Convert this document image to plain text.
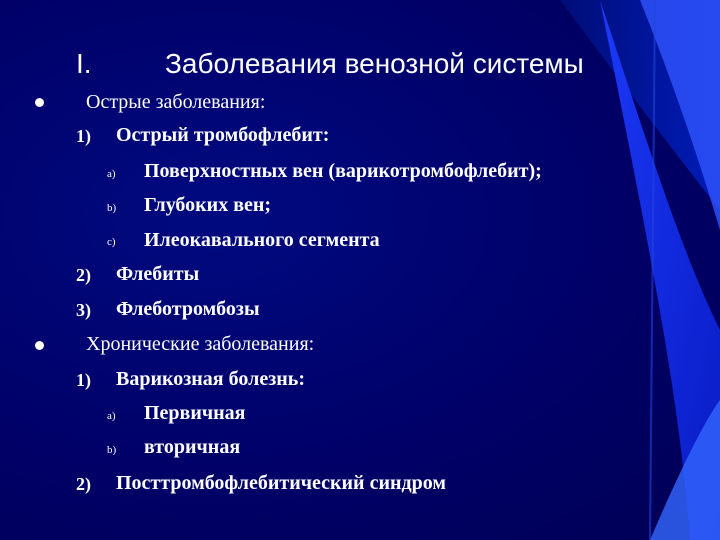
I.	Заболевания венозной системы
Острые заболевания:
1) Острый тромбофлебит:
a) Поверхностных вен (варикотромбофлебит);
b) Глубоких вен;
c) Илеокавального сегмента
2) Флебиты
3) Флеботромбозы
Хронические заболевания:
1) Варикозная болезнь:
a) Первичная
b) вторичная
2) Посттромбофлебитический синдром
